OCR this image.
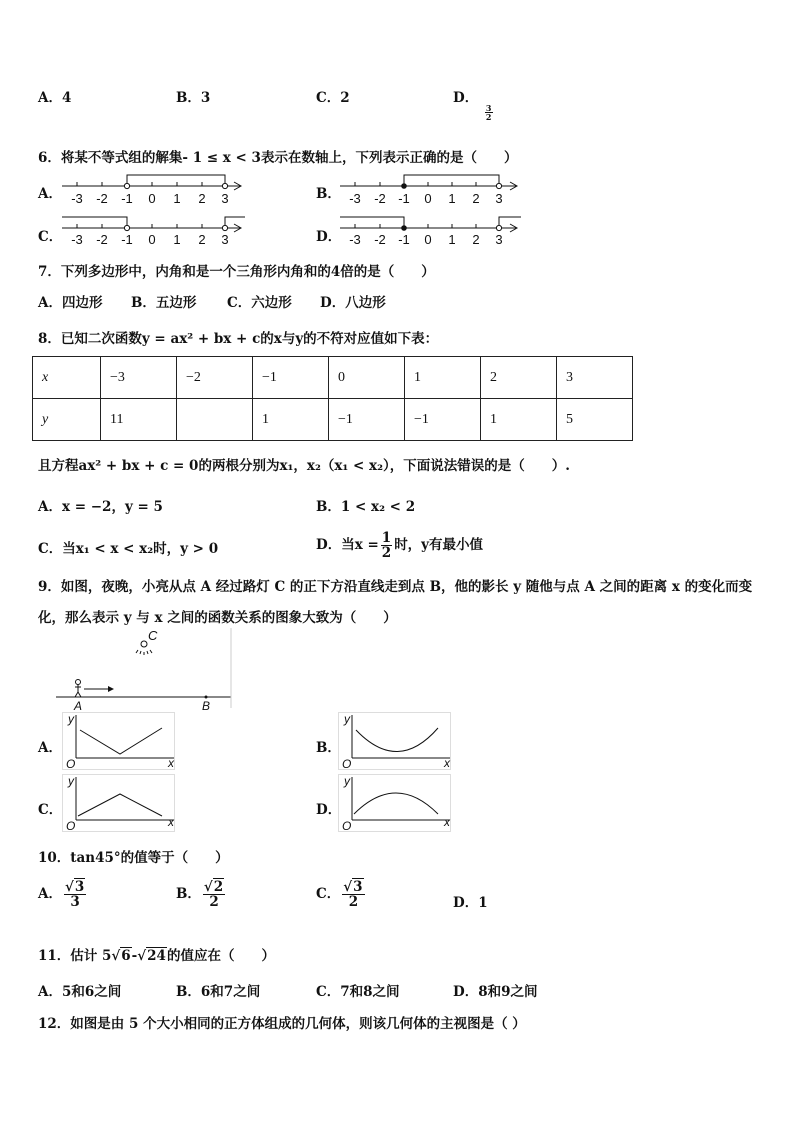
A．4	B．3	C．2	D．
$\frac{3}{2}$
6．将某不等式组的解集- 1 ≤ x < 3表示在数轴上，下列表示正确的是（　　）
A．	B．
C．	D．
-3 -2 -1 0 1 2 3	-3 -2 -1 0 1 2 3
-3 -2 -1 0 1 2 3	-3 -2 -1 0 1 2 3
7．下列多边形中，内角和是一个三角形内角和的4倍的是（　　）
A．四边形 B．五边形 C．六边形 D．八边形
8．已知二次函数y = ax² + bx + c的x与y的不符对应值如下表：
x	−3	−2	−1	0	1	2	3
y	11		1	−1	−1	1	5
且方程ax² + bx + c = 0的两根分别为x₁，x₂（x₁ < x₂），下面说法错误的是（　　）.
A．x = −2，y = 5	B．1 < x₂ < 2
C．当x₁ < x < x₂时，y > 0	D．当$x = \frac{1}{2}$ 时，y有最小值
9．如图，夜晚，小亮从点 A 经过路灯 C 的正下方沿直线走到点 B，他的影长 y 随他与点 A 之间的距离 x 的变化而变
化，那么表示 y 与 x 之间的函数关系的图象大致为（　　）
C
A	B
A．	B．
C．	D．
y
x
O
y
x
O
y
x
O
y
x
O
10．tan45°的值等于（　　）
A． $\frac{√3}{3}$	B． $\frac{√2}{2}$	C． $\frac{√3}{2}$	D．1
11．估计 5√6-√24的值应在（　　）
A．5和6之间	B．6和7之间	C．7和8之间	D．8和9之间
12．如图是由 5 个大小相同的正方体组成的几何体，则该几何体的主视图是（ ）
